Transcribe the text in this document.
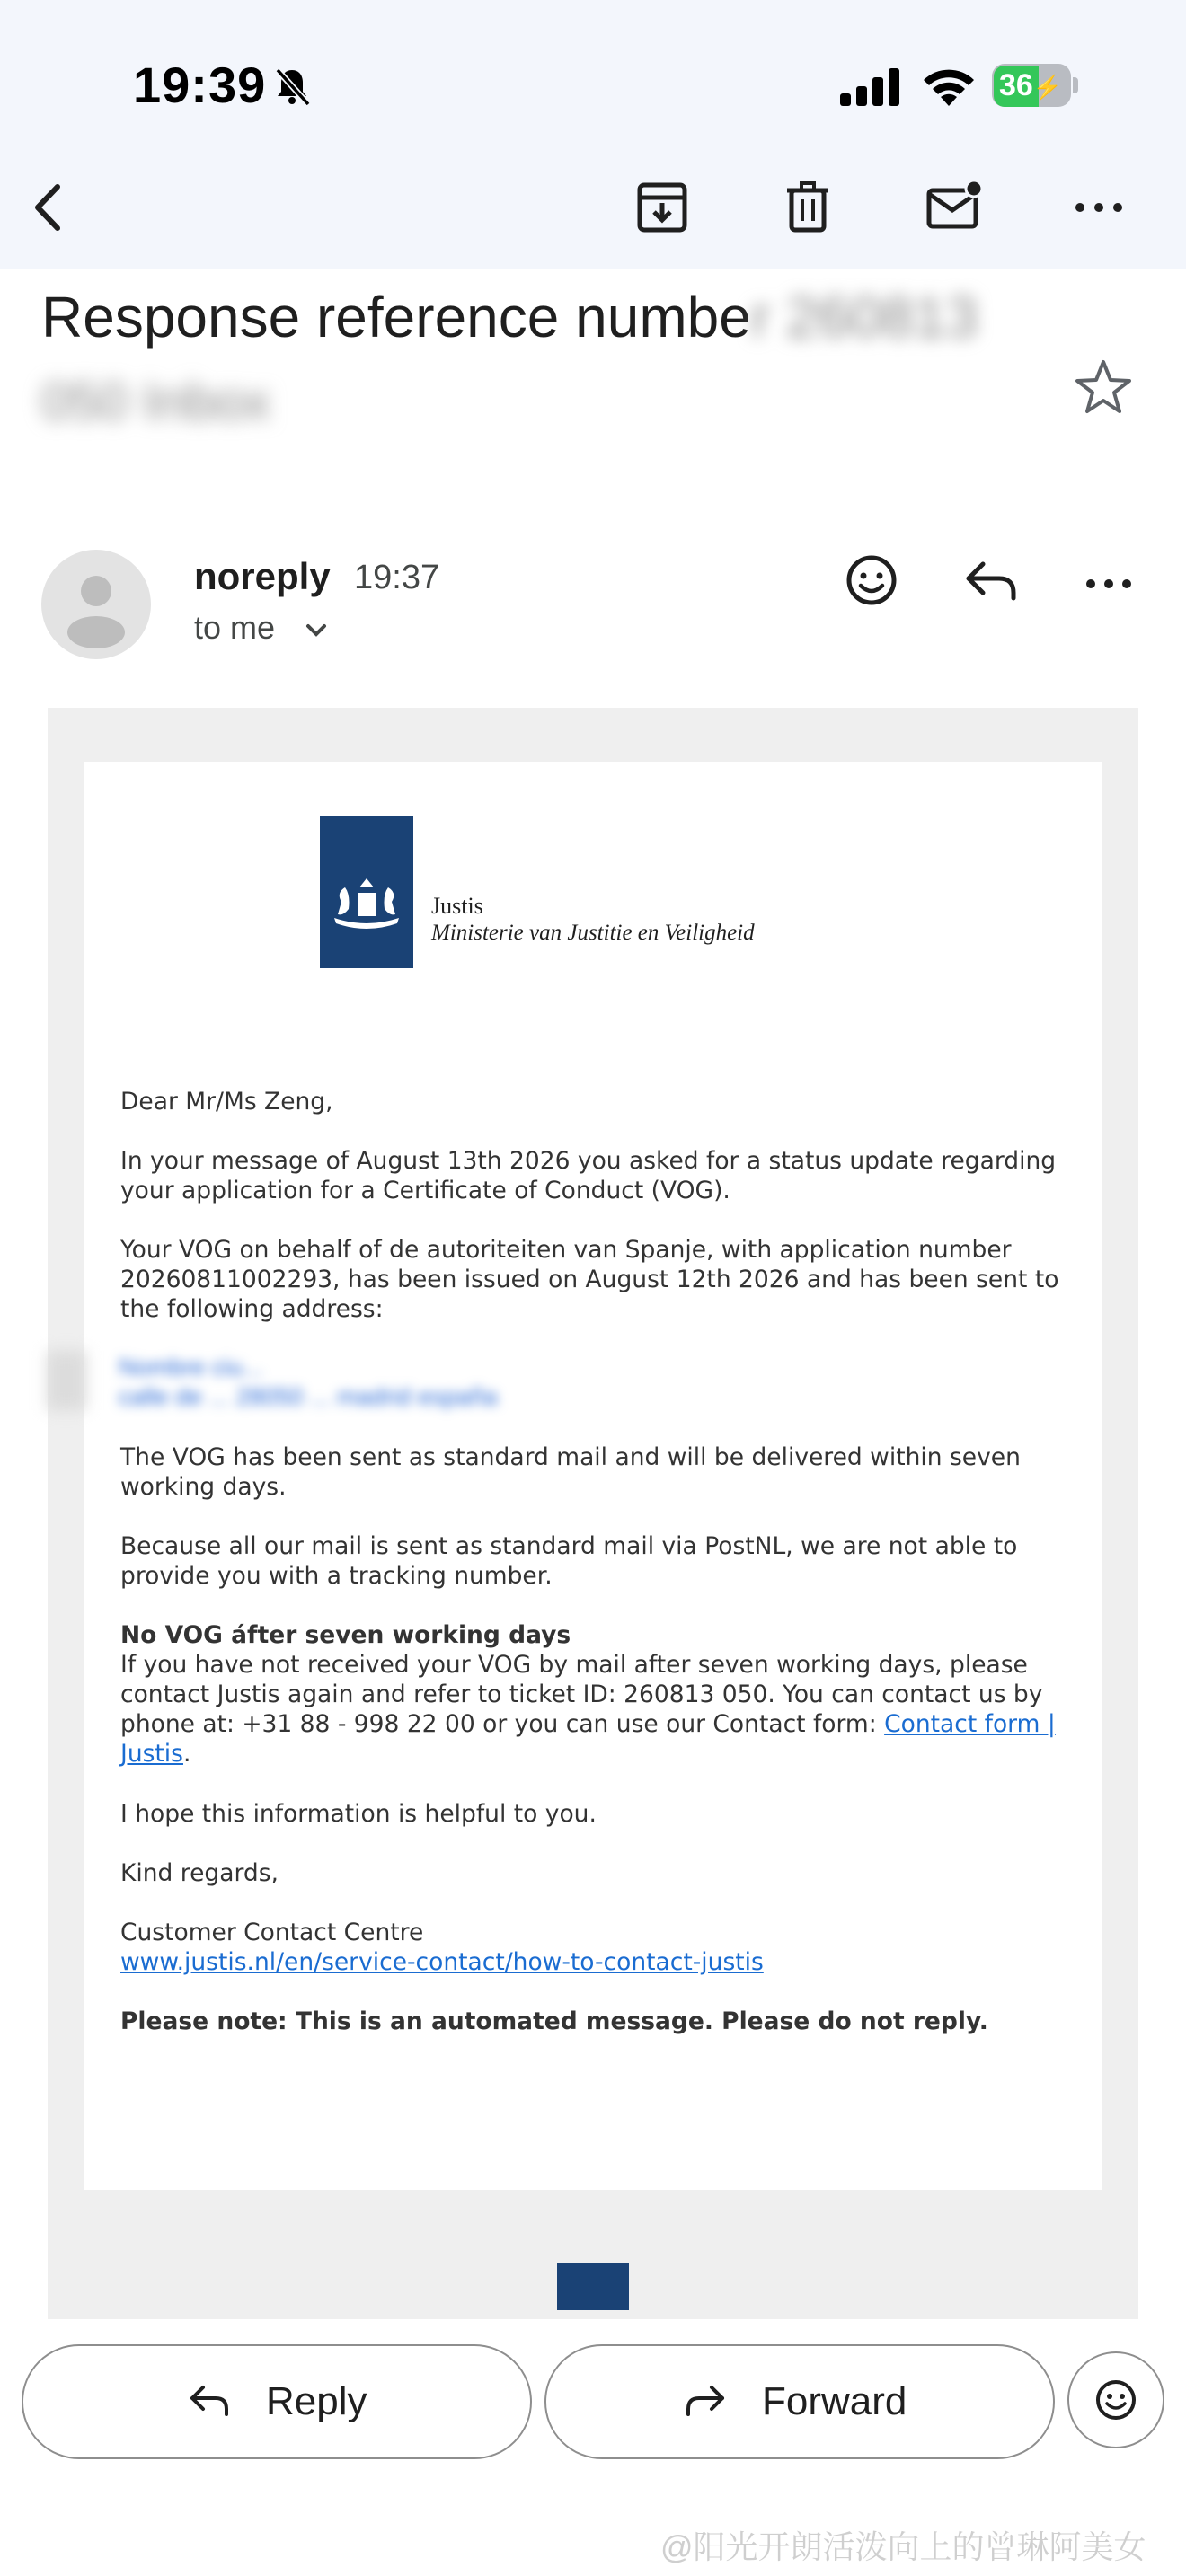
19:39	36⚡
Response reference number 260813
050 Inbox
noreply 19:37
to me
Justis
Ministerie van Justitie en Veiligheid
Dear Mr/Ms Zeng,
In your message of August 13th 2026 you asked for a status update regarding your application for a Certificate of Conduct (VOG).
Your VOG on behalf of de autoriteiten van Spanje, with application number 20260811002293, has been issued on August 12th 2026 and has been sent to the following address:
Nombre ciu...
calle de ... 28050 ... madrid españa
The VOG has been sent as standard mail and will be delivered within seven working days.
Because all our mail is sent as standard mail via PostNL, we are not able to provide you with a tracking number.
No VOG áfter seven working days
If you have not received your VOG by mail after seven working days, please contact Justis again and refer to ticket ID: 260813 050. You can contact us by phone at: +31 88 - 998 22 00 or you can use our Contact form: Contact form | Justis.
I hope this information is helpful to you.
Kind regards,
Customer Contact Centre
www.justis.nl/en/service-contact/how-to-contact-justis
Please note: This is an automated message. Please do not reply.
Reply	Forward
@阳光开朗活泼向上的曾琳阿美女
